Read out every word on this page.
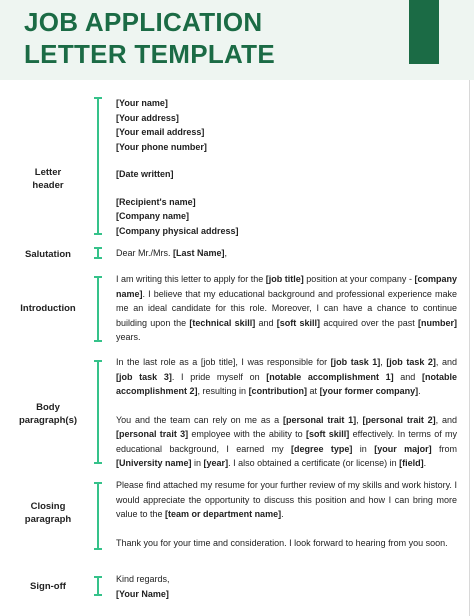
JOB APPLICATION
LETTER TEMPLATE
Letter
header
[Your name]
[Your address]
[Your email address]
[Your phone number]
[Date written]
[Recipient's name]
[Company name]
[Company physical address]
Salutation	Dear Mr./Mrs. [Last Name],
Introduction

I am writing this letter to apply for the [job title] position at your company - [company name]. I believe that my educational background and professional experience make me an ideal candidate for this role. Moreover, I can have a chance to continue building upon the [technical skill] and [soft skill] acquired over the past [number] years.

Body
paragraph(s)

In the last role as a [job title], I was responsible for [job task 1], [job task 2], and [job task 3]. I pride myself on [notable accomplishment 1] and [notable accomplishment 2], resulting in [contribution] at [your former company].

You and the team can rely on me as a [personal trait 1], [personal trait 2], and [personal trait 3] employee with the ability to [soft skill] effectively. In terms of my educational background, I earned my [degree type] in [your major] from [University name] in [year]. I also obtained a certificate (or license) in [field].

Closing
paragraph

Please find attached my resume for your further review of my skills and work history. I would appreciate the opportunity to discuss this position and how I can bring more value to the [team or department name].

Thank you for your time and consideration. I look forward to hearing from you soon.

Sign-off
Kind regards,
[Your Name]
